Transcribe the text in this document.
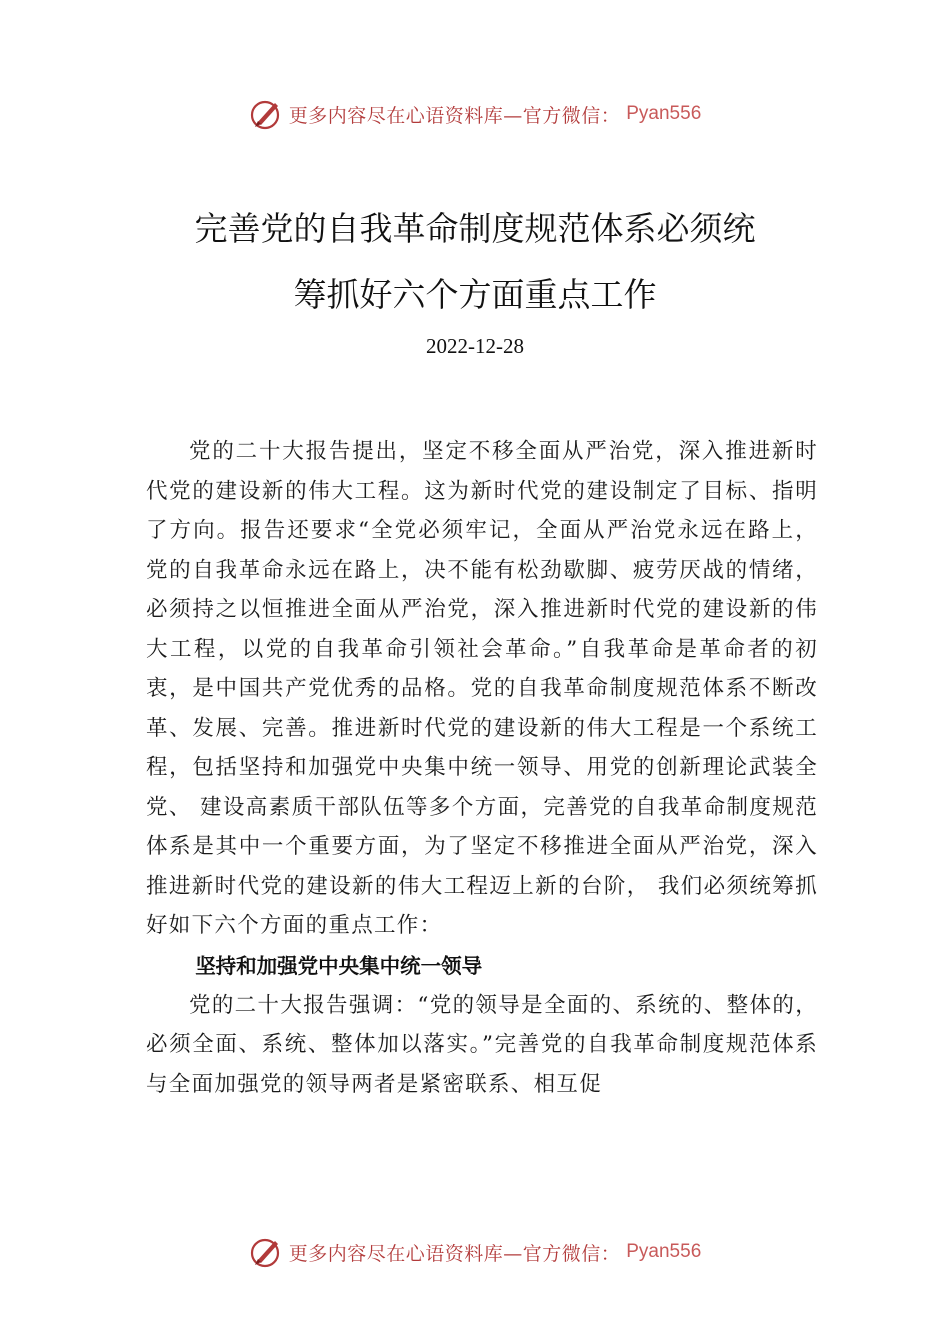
更多内容尽在心语资料库—官方微信： Pyan556
完善党的自我革命制度规范体系必须统
筹抓好六个方面重点工作
2022-12-28

党的二十大报告提出，坚定不移全面从严治党，深入推进新时代党的建设新的伟大工程。这为新时代党的建设制定了目标、指明了方向。报告还要求“全党必须牢记，全面从严治党永远在路上，党的自我革命永远在路上，决不能有松劲歇脚、疲劳厌战的情绪，必须持之以恒推进全面从严治党，深入推进新时代党的建设新的伟大工程，以党的自我革命引领社会革命。”自我革命是革命者的初衷，是中国共产党优秀的品格。党的自我革命制度规范体系不断改革、发展、完善。推进新时代党的建设新的伟大工程是一个系统工程，包括坚持和加强党中央集中统一领导、用党的创新理论武装全党、 建设高素质干部队伍等多个方面，完善党的自我革命制度规范体系是其中一个重要方面，为了坚定不移推进全面从严治党，深入推进新时代党的建设新的伟大工程迈上新的台阶， 我们必须统筹抓好如下六个方面的重点工作：

坚持和加强党中央集中统一领导

党的二十大报告强调：“党的领导是全面的、系统的、整体的，必须全面、系统、整体加以落实。”完善党的自我革命制度规范体系与全面加强党的领导两者是紧密联系、相互促

更多内容尽在心语资料库—官方微信： Pyan556
